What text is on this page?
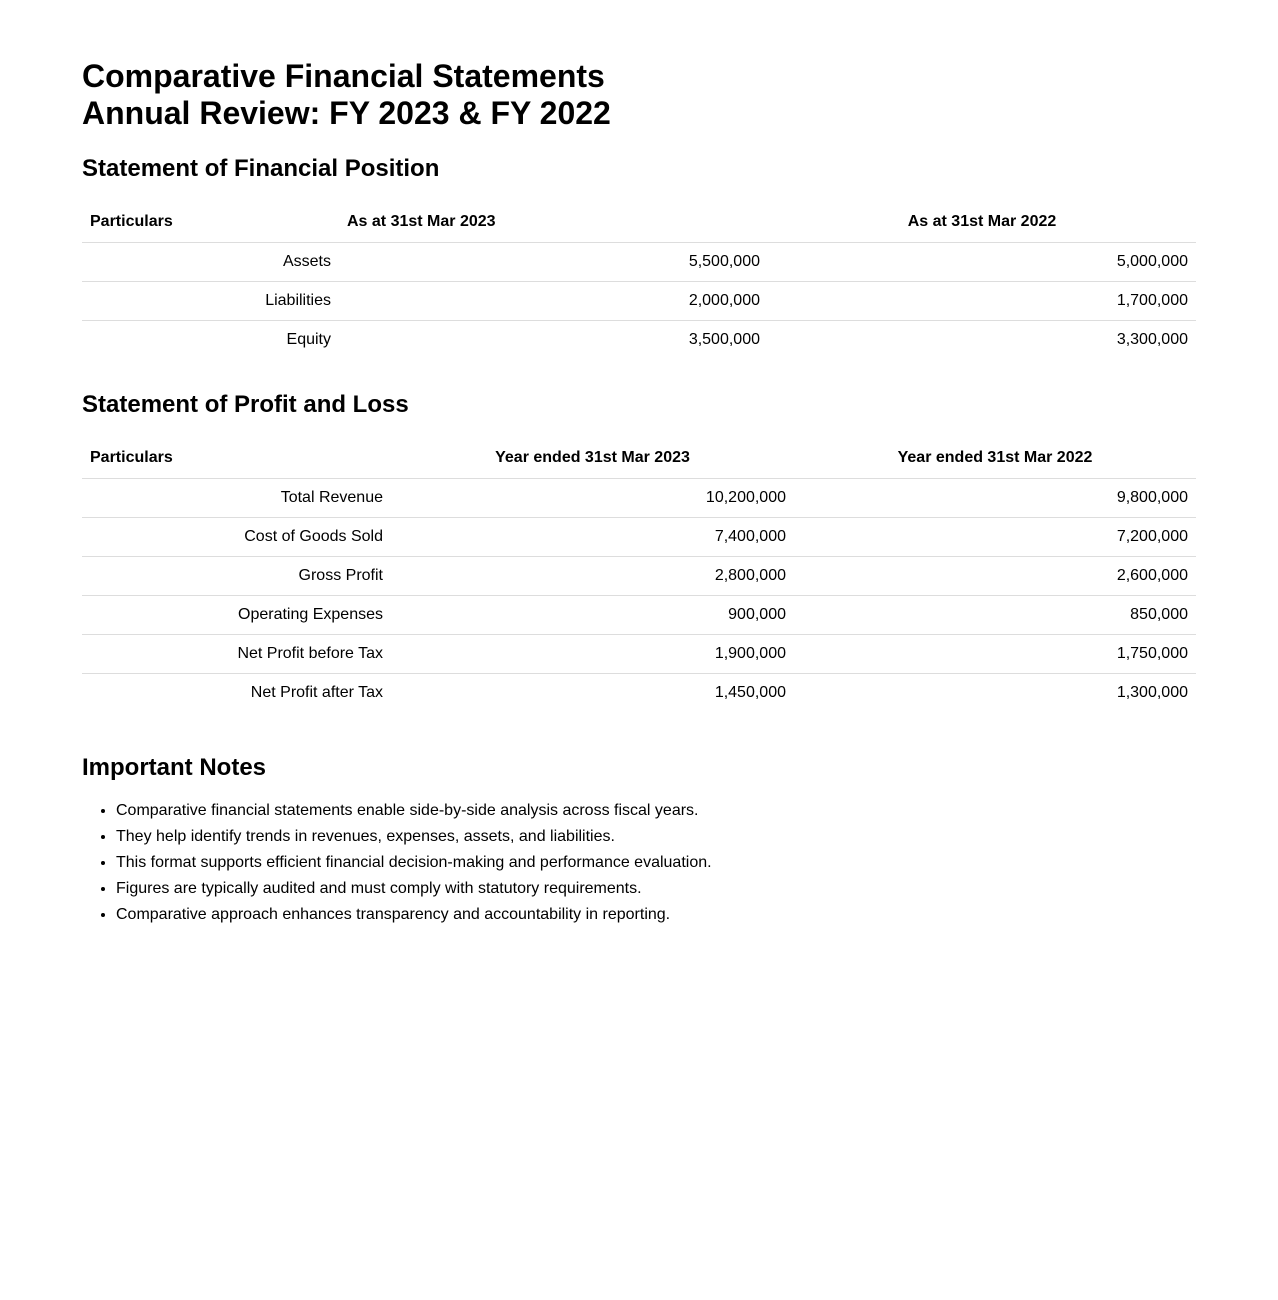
Comparative Financial Statements
Annual Review: FY 2023 & FY 2022
Statement of Financial Position
Particulars	As at 31st Mar 2023	As at 31st Mar 2022
Assets	5,500,000	5,000,000
Liabilities	2,000,000	1,700,000
Equity	3,500,000	3,300,000
Statement of Profit and Loss
Particulars	Year ended 31st Mar 2023	Year ended 31st Mar 2022
Total Revenue	10,200,000	9,800,000
Cost of Goods Sold	7,400,000	7,200,000
Gross Profit	2,800,000	2,600,000
Operating Expenses	900,000	850,000
Net Profit before Tax	1,900,000	1,750,000
Net Profit after Tax	1,450,000	1,300,000
Important Notes
• Comparative financial statements enable side-by-side analysis across fiscal years.
• They help identify trends in revenues, expenses, assets, and liabilities.
• This format supports efficient financial decision-making and performance evaluation.
• Figures are typically audited and must comply with statutory requirements.
• Comparative approach enhances transparency and accountability in reporting.
